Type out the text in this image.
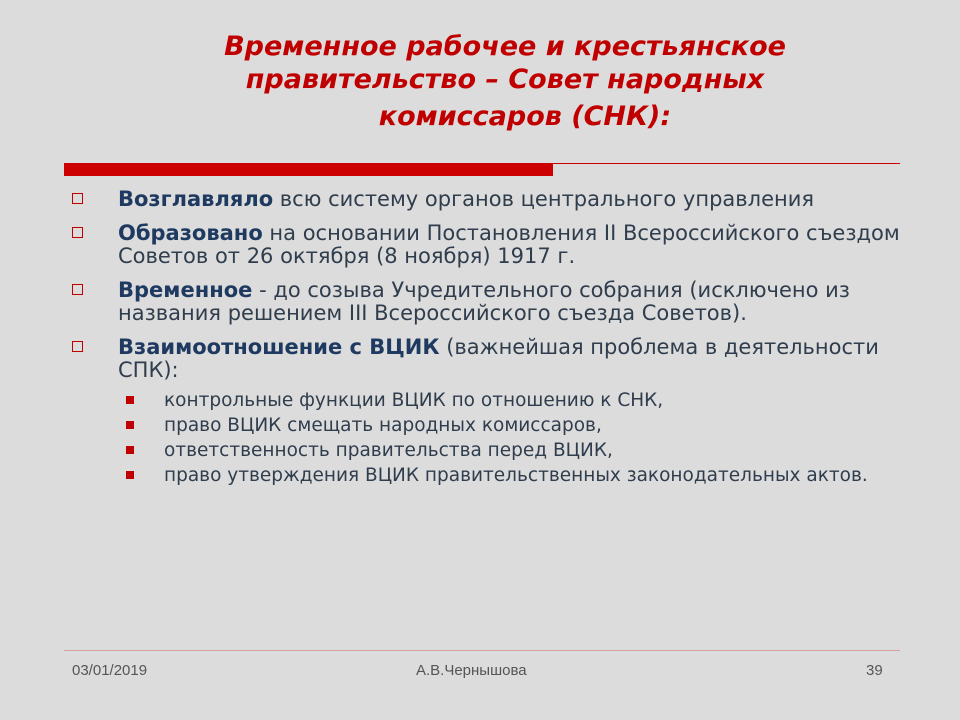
Временное рабочее и крестьянское
правительство – Совет народных
комиссаров (СНК):
Возглавляло всю систему органов центрального управления
Образовано на основании Постановления II Всероссийского съездом Советов от 26 октября (8 ноября) 1917 г.
Временное - до созыва Учредительного собрания (исключено из названия решением III Всероссийского съезда Советов).
Взаимоотношение с ВЦИК (важнейшая проблема в деятельности СПК):
контрольные функции ВЦИК по отношению к СНК,
право ВЦИК смещать народных комиссаров,
ответственность правительства перед ВЦИК,
право утверждения ВЦИК правительственных законодательных актов.
03/01/2019	А.В.Чернышова	39
